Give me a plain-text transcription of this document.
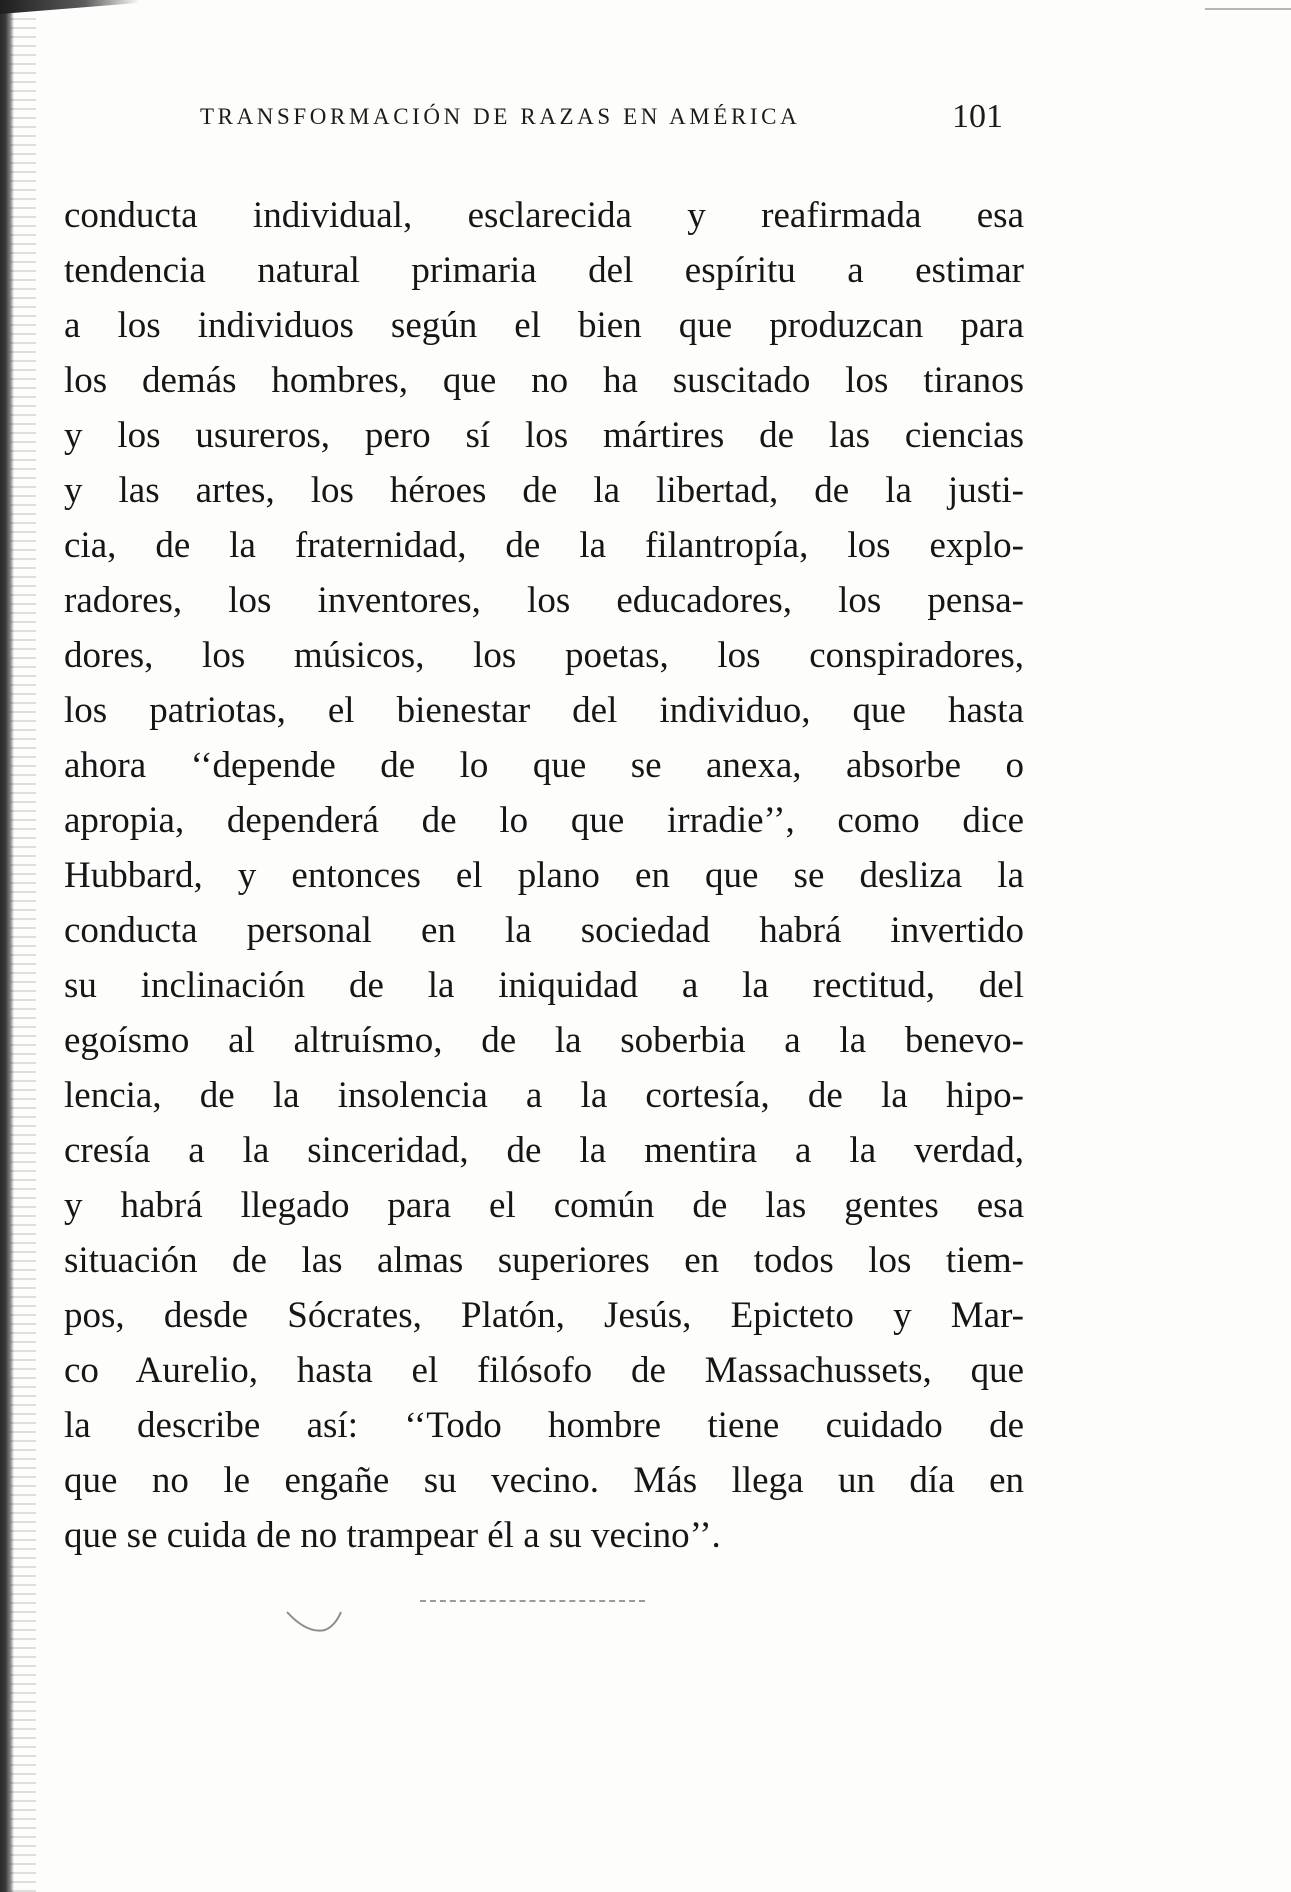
TRANSFORMACIÓN DE RAZAS EN AMÉRICA	101
conducta individual, esclarecida y reafirmada esa
tendencia natural primaria del espíritu a estimar
a los individuos según el bien que produzcan para
los demás hombres, que no ha suscitado los tiranos
y los usureros, pero sí los mártires de las ciencias
y las artes, los héroes de la libertad, de la justi-
cia, de la fraternidad, de la filantropía, los explo-
radores, los inventores, los educadores, los pensa-
dores, los músicos, los poetas, los conspiradores,
los patriotas, el bienestar del individuo, que hasta
ahora ‘‘depende de lo que se anexa, absorbe o
apropia, dependerá de lo que irradie’’, como dice
Hubbard, y entonces el plano en que se desliza la
conducta personal en la sociedad habrá invertido
su inclinación de la iniquidad a la rectitud, del
egoísmo al altruísmo, de la soberbia a la benevo-
lencia, de la insolencia a la cortesía, de la hipo-
cresía a la sinceridad, de la mentira a la verdad,
y habrá llegado para el común de las gentes esa
situación de las almas superiores en todos los tiem-
pos, desde Sócrates, Platón, Jesús, Epicteto y Mar-
co Aurelio, hasta el filósofo de Massachussets, que
la describe así: ‘‘Todo hombre tiene cuidado de
que no le engañe su vecino. Más llega un día en
que se cuida de no trampear él a su vecino’’.
